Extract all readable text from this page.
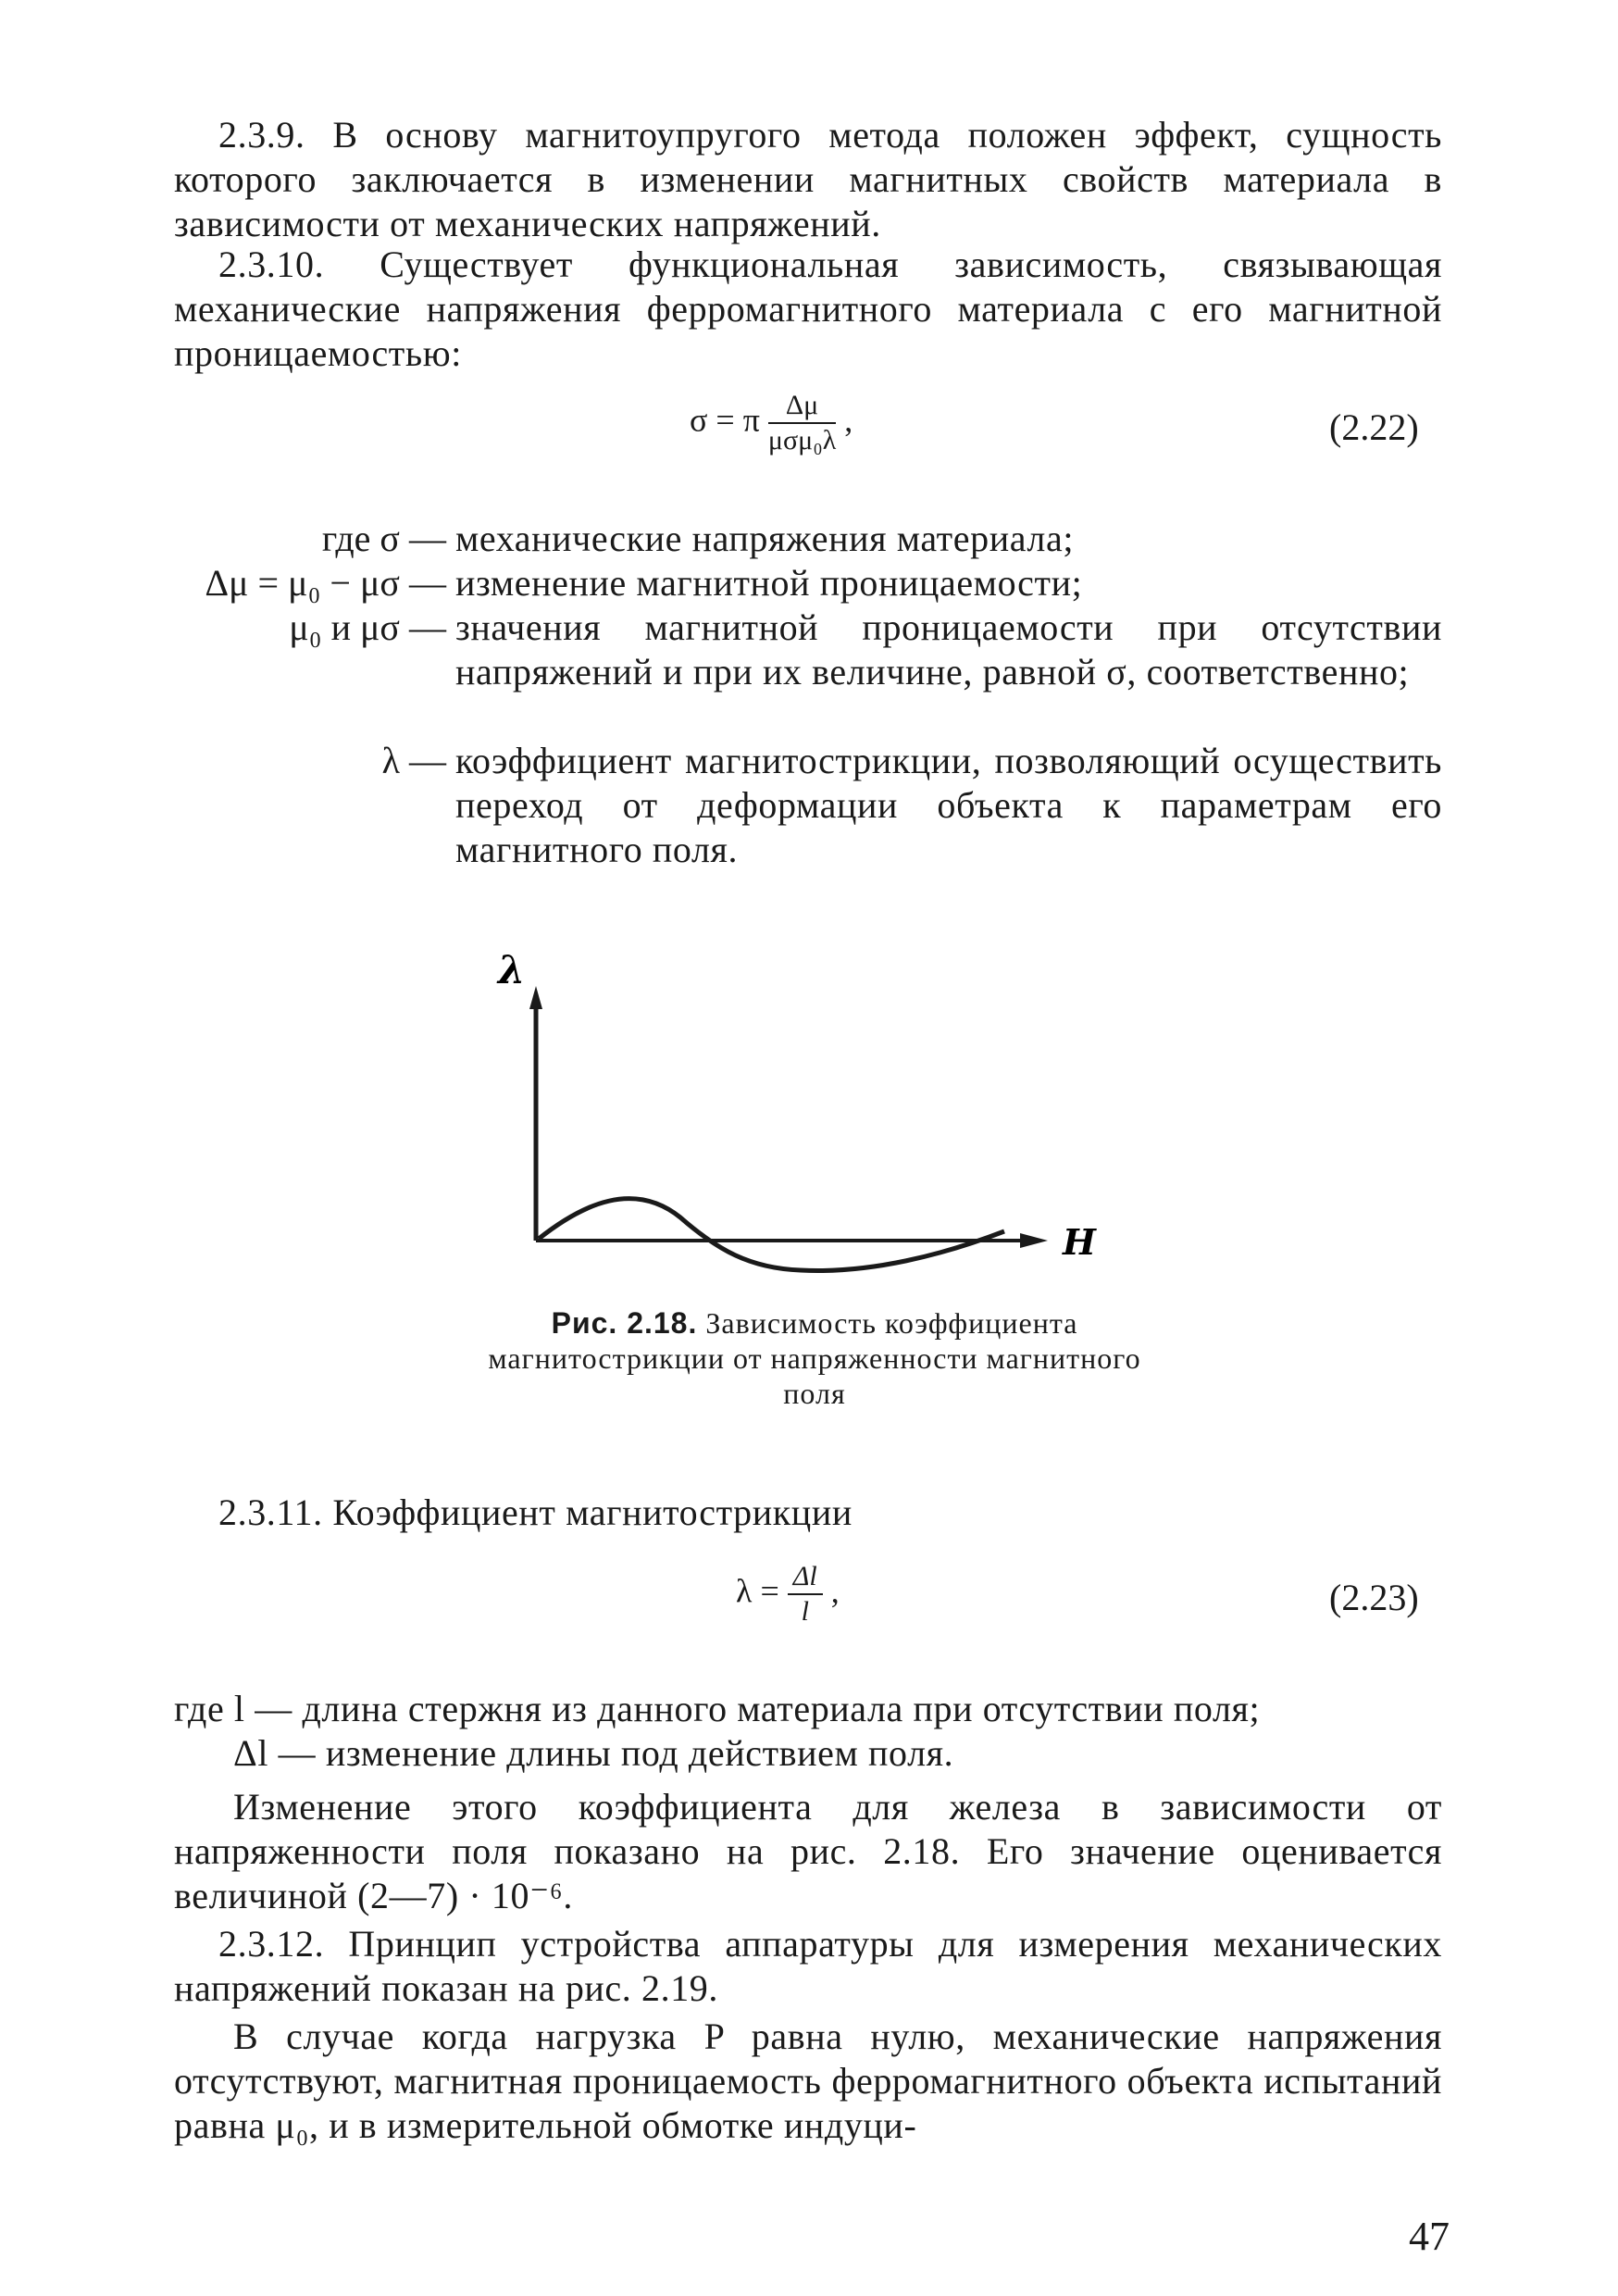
2.3.9. В основу магнитоупругого метода положен эффект, сущность которого заключается в изменении магнитных свойств материала в зависимости от механических напряжений.
2.3.10. Существует функциональная зависимость, связывающая механические напряжения ферромагнитного материала с его магнитной проницаемостью:
σ = π $\frac{\Delta\mu}{\text{μσμ₀λ}}$ ,	(2.22)
где σ — механические напряжения материала;
Δμ = μ₀ − μσ — изменение магнитной проницаемости;
μ₀ и μσ — значения магнитной проницаемости при отсутствии напряжений и при их величине, равной σ, соответственно;
λ — коэффициент магнитострикции, позволяющий осуществить переход от деформации объекта к параметрам его магнитного поля.
λ
H
Рис. 2.18. Зависимость коэффициента магнитострикции от напряженности магнитного поля
2.3.11. Коэффициент магнитострикции
$\lambda = \frac{\Delta l}{l}$ ,	(2.23)
где l — длина стержня из данного материала при отсутствии поля;
Δl — изменение длины под действием поля.
Изменение этого коэффициента для железа в зависимости от напряженности поля показано на рис. 2.18. Его значение оценивается величиной (2—7) · 10⁻⁶.
2.3.12. Принцип устройства аппаратуры для измерения механических напряжений показан на рис. 2.19.
В случае когда нагрузка P равна нулю, механические напряжения отсутствуют, магнитная проницаемость ферромагнитного объекта испытаний равна μ₀, и в измерительной обмотке индуци-
47
